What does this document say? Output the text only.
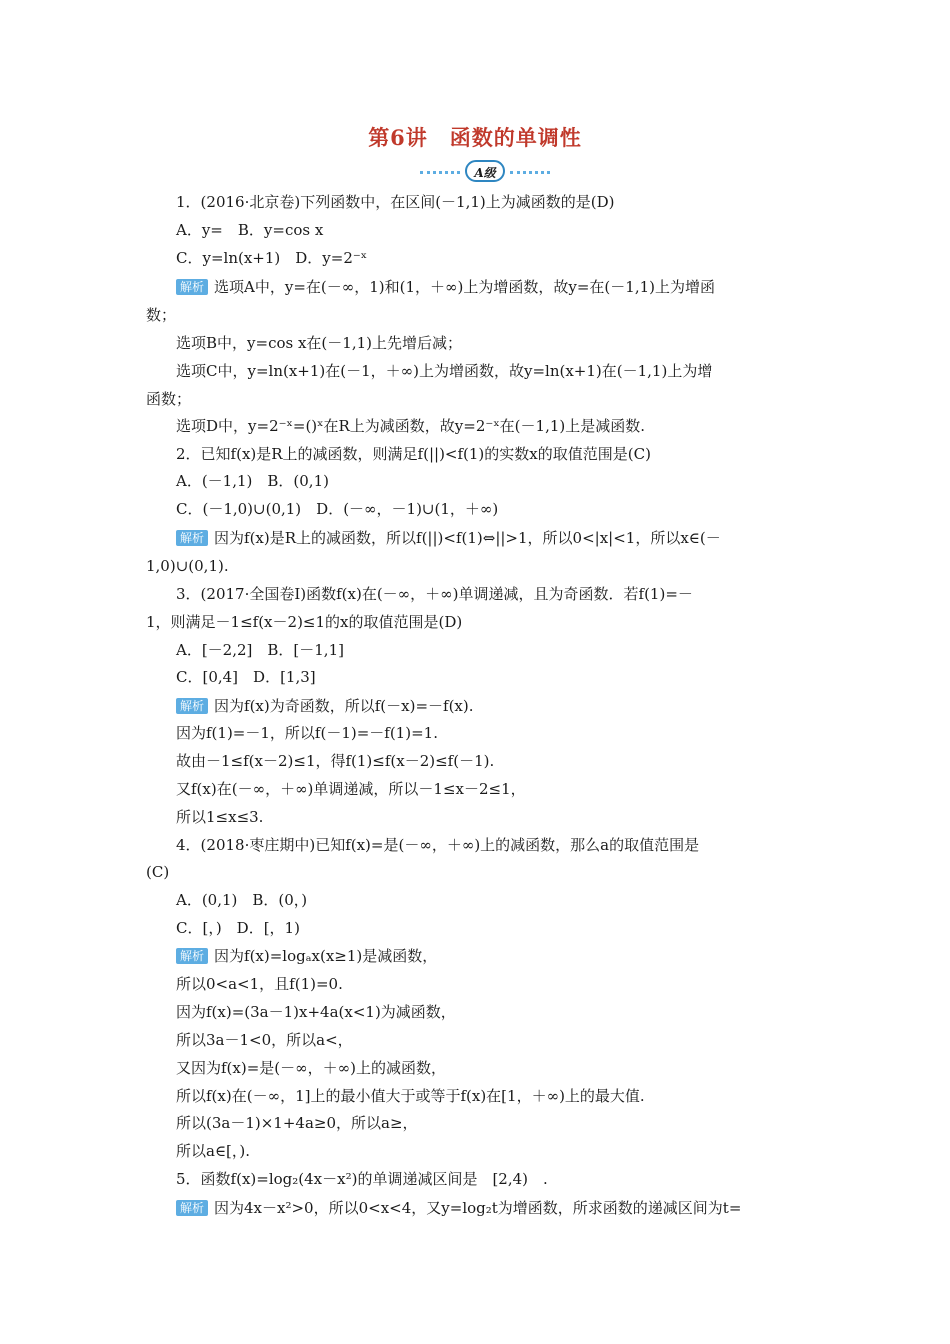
第6讲　函数的单调性
A级
1．(2016·北京卷)下列函数中，在区间(－1,1)上为减函数的是(D)
A．y=　B．y=cos x
C．y=ln(x+1)　D．y=2⁻ˣ
解析 选项A中，y=在(－∞，1)和(1，＋∞)上为增函数，故y=在(－1,1)上为增函
数；
选项B中，y=cos x在(－1,1)上先增后减；
选项C中，y=ln(x+1)在(－1，＋∞)上为增函数，故y=ln(x+1)在(－1,1)上为增
函数；
选项D中，y=2⁻ˣ=()ˣ在R上为减函数，故y=2⁻ˣ在(－1,1)上是减函数.
2．已知f(x)是R上的减函数，则满足f(||)<f(1)的实数x的取值范围是(C)
A．(－1,1)　B．(0,1)
C．(－1,0)∪(0,1)　D．(－∞，－1)∪(1，＋∞)
解析 因为f(x)是R上的减函数，所以f(||)<f(1)⇔||>1，所以0<|x|<1，所以x∈(－
1,0)∪(0,1).
3．(2017·全国卷Ⅰ)函数f(x)在(－∞，＋∞)单调递减，且为奇函数．若f(1)=－
1，则满足－1≤f(x－2)≤1的x的取值范围是(D)
A．[－2,2]　B．[－1,1]
C．[0,4]　D．[1,3]
解析 因为f(x)为奇函数，所以f(－x)=－f(x).
因为f(1)=－1，所以f(－1)=－f(1)=1.
故由－1≤f(x－2)≤1，得f(1)≤f(x－2)≤f(－1).
又f(x)在(－∞，＋∞)单调递减，所以－1≤x－2≤1，
所以1≤x≤3.
4．(2018·枣庄期中)已知f(x)=是(－∞，＋∞)上的减函数，那么a的取值范围是
(C)
A．(0,1)　B．(0，)
C．[，)　D．[，1)
解析 因为f(x)=logₐx(x≥1)是减函数，
所以0<a<1，且f(1)=0.
因为f(x)=(3a－1)x+4a(x<1)为减函数，
所以3a－1<0，所以a<，
又因为f(x)=是(－∞，＋∞)上的减函数，
所以f(x)在(－∞，1]上的最小值大于或等于f(x)在[1，＋∞)上的最大值.
所以(3a－1)×1+4a≥0，所以a≥，
所以a∈[，).
5．函数f(x)=log₂(4x－x²)的单调递减区间是　[2,4)　.
解析 因为4x－x²>0，所以0<x<4，又y=log₂t为增函数，所求函数的递减区间为t=
